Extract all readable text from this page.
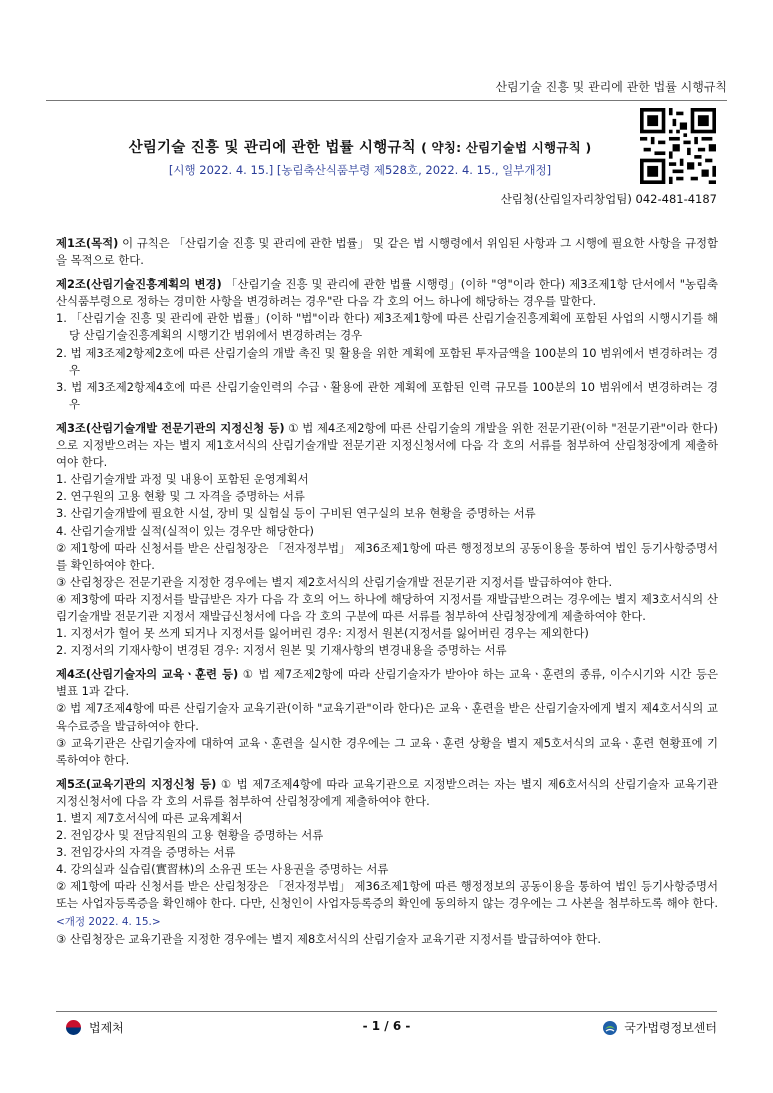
산림기술 진흥 및 관리에 관한 법률 시행규칙
산림기술 진흥 및 관리에 관한 법률 시행규칙 ( 약칭: 산림기술법 시행규칙 )
[시행 2022. 4. 15.] [농림축산식품부령 제528호, 2022. 4. 15., 일부개정]
산림청(산림일자리창업팀) 042-481-4187

제1조(목적) 이 규칙은 「산림기술 진흥 및 관리에 관한 법률」 및 같은 법 시행령에서 위임된 사항과 그 시행에 필요한 사항을 규정함을 목적으로 한다.

제2조(산림기술진흥계획의 변경) 「산림기술 진흥 및 관리에 관한 법률 시행령」(이하 "영"이라 한다) 제3조제1항 단서에서 "농림축산식품부령으로 정하는 경미한 사항을 변경하려는 경우"란 다음 각 호의 어느 하나에 해당하는 경우를 말한다.

1. 「산림기술 진흥 및 관리에 관한 법률」(이하 "법"이라 한다) 제3조제1항에 따른 산림기술진흥계획에 포함된 사업의 시행시기를 해당 산림기술진흥계획의 시행기간 범위에서 변경하려는 경우

2. 법 제3조제2항제2호에 따른 산림기술의 개발 촉진 및 활용을 위한 계획에 포함된 투자금액을 100분의 10 범위에서 변경하려는 경우

3. 법 제3조제2항제4호에 따른 산림기술인력의 수급ㆍ활용에 관한 계획에 포함된 인력 규모를 100분의 10 범위에서 변경하려는 경우

제3조(산림기술개발 전문기관의 지정신청 등) ① 법 제4조제2항에 따른 산림기술의 개발을 위한 전문기관(이하 "전문기관"이라 한다)으로 지정받으려는 자는 별지 제1호서식의 산림기술개발 전문기관 지정신청서에 다음 각 호의 서류를 첨부하여 산림청장에게 제출하여야 한다.

1. 산림기술개발 과정 및 내용이 포함된 운영계획서

2. 연구원의 고용 현황 및 그 자격을 증명하는 서류

3. 산림기술개발에 필요한 시설, 장비 및 실험실 등이 구비된 연구실의 보유 현황을 증명하는 서류

4. 산림기술개발 실적(실적이 있는 경우만 해당한다)

② 제1항에 따라 신청서를 받은 산림청장은 「전자정부법」 제36조제1항에 따른 행정정보의 공동이용을 통하여 법인 등기사항증명서를 확인하여야 한다.

③ 산림청장은 전문기관을 지정한 경우에는 별지 제2호서식의 산림기술개발 전문기관 지정서를 발급하여야 한다.

④ 제3항에 따라 지정서를 발급받은 자가 다음 각 호의 어느 하나에 해당하여 지정서를 재발급받으려는 경우에는 별지 제3호서식의 산림기술개발 전문기관 지정서 재발급신청서에 다음 각 호의 구분에 따른 서류를 첨부하여 산림청장에게 제출하여야 한다.

1. 지정서가 헐어 못 쓰게 되거나 지정서를 잃어버린 경우: 지정서 원본(지정서를 잃어버린 경우는 제외한다)

2. 지정서의 기재사항이 변경된 경우: 지정서 원본 및 기재사항의 변경내용을 증명하는 서류

제4조(산림기술자의 교육ㆍ훈련 등) ① 법 제7조제2항에 따라 산림기술자가 받아야 하는 교육ㆍ훈련의 종류, 이수시기와 시간 등은 별표 1과 같다.

② 법 제7조제4항에 따른 산림기술자 교육기관(이하 "교육기관"이라 한다)은 교육ㆍ훈련을 받은 산림기술자에게 별지 제4호서식의 교육수료증을 발급하여야 한다.

③ 교육기관은 산림기술자에 대하여 교육ㆍ훈련을 실시한 경우에는 그 교육ㆍ훈련 상황을 별지 제5호서식의 교육ㆍ훈련 현황표에 기록하여야 한다.

제5조(교육기관의 지정신청 등) ① 법 제7조제4항에 따라 교육기관으로 지정받으려는 자는 별지 제6호서식의 산림기술자 교육기관 지정신청서에 다음 각 호의 서류를 첨부하여 산림청장에게 제출하여야 한다.

1. 별지 제7호서식에 따른 교육계획서

2. 전임강사 및 전담직원의 고용 현황을 증명하는 서류

3. 전임강사의 자격을 증명하는 서류

4. 강의실과 실습림(實習林)의 소유권 또는 사용권을 증명하는 서류

② 제1항에 따라 신청서를 받은 산림청장은 「전자정부법」 제36조제1항에 따른 행정정보의 공동이용을 통하여 법인 등기사항증명서 또는 사업자등록증을 확인해야 한다. 다만, 신청인이 사업자등록증의 확인에 동의하지 않는 경우에는 그 사본을 첨부하도록 해야 한다. <개정 2022. 4. 15.>

③ 산림청장은 교육기관을 지정한 경우에는 별지 제8호서식의 산림기술자 교육기관 지정서를 발급하여야 한다.

법제처	- 1 / 6 -	국가법령정보센터
